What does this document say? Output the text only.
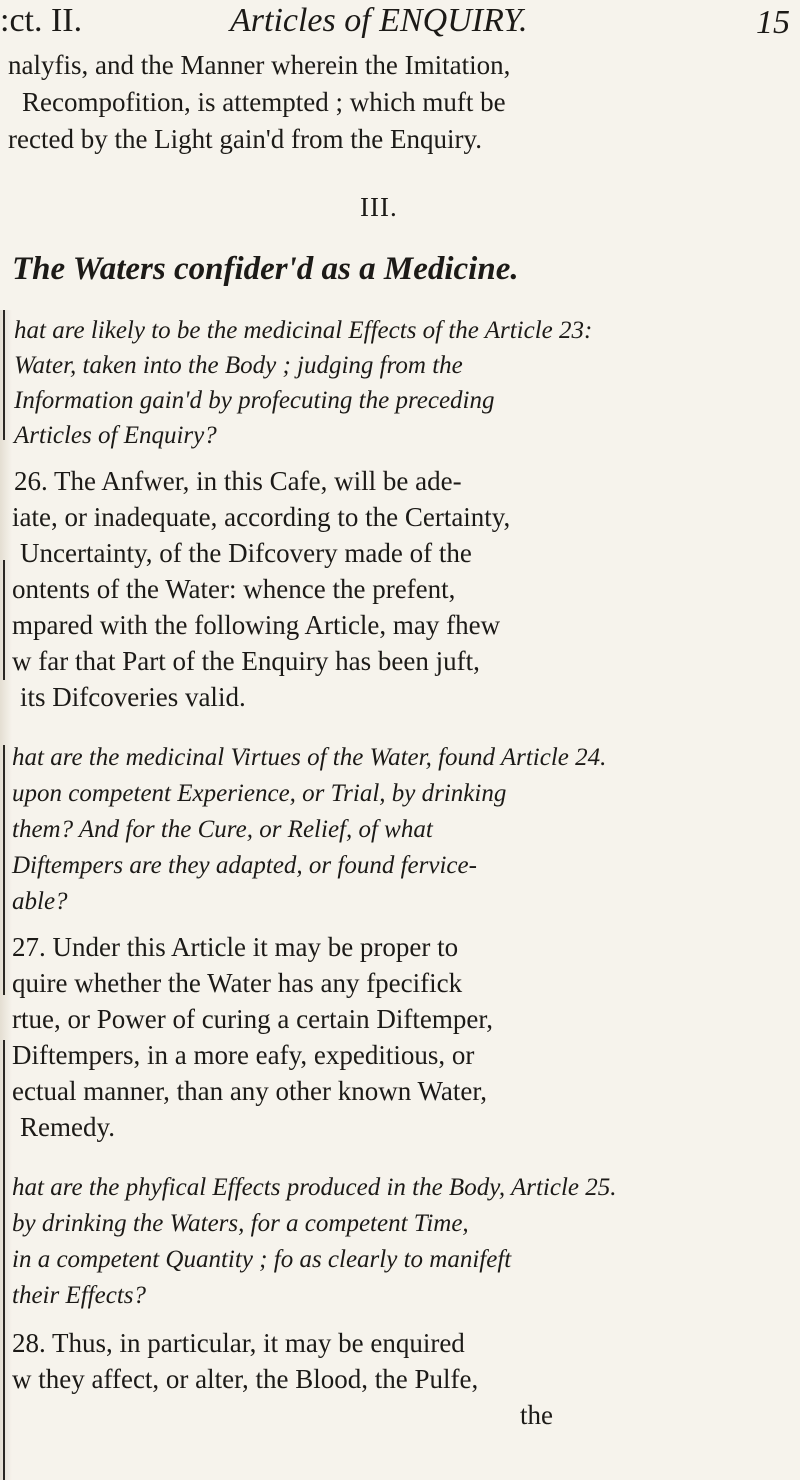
:ct. II.	Articles of ENQUIRY.	15
nalyfis, and the Manner wherein the Imitation,
Recompofition, is attempted ; which muft be
rected by the Light gain'd from the Enquiry.
III.
The Waters confider'd as a Medicine.
hat are likely to be the medicinal Effects of the Article 23:
Water, taken into the Body ; judging from the
Information gain'd by profecuting the preceding
Articles of Enquiry?
26. The Anfwer, in this Cafe, will be ade-
iate, or inadequate, according to the Certainty,
Uncertainty, of the Difcovery made of the
ontents of the Water: whence the prefent,
mpared with the following Article, may fhew
w far that Part of the Enquiry has been juft,
its Difcoveries valid.
hat are the medicinal Virtues of the Water, found Article 24.
upon competent Experience, or Trial, by drinking
them? And for the Cure, or Relief, of what
Diftempers are they adapted, or found fervice-
able?
27. Under this Article it may be proper to
quire whether the Water has any fpecifick
rtue, or Power of curing a certain Diftemper,
Diftempers, in a more eafy, expeditious, or
ectual manner, than any other known Water,
Remedy.
hat are the phyfical Effects produced in the Body, Article 25.
by drinking the Waters, for a competent Time,
in a competent Quantity ; fo as clearly to manifeft
their Effects?
28. Thus, in particular, it may be enquired
w they affect, or alter, the Blood, the Pulfe,
the
